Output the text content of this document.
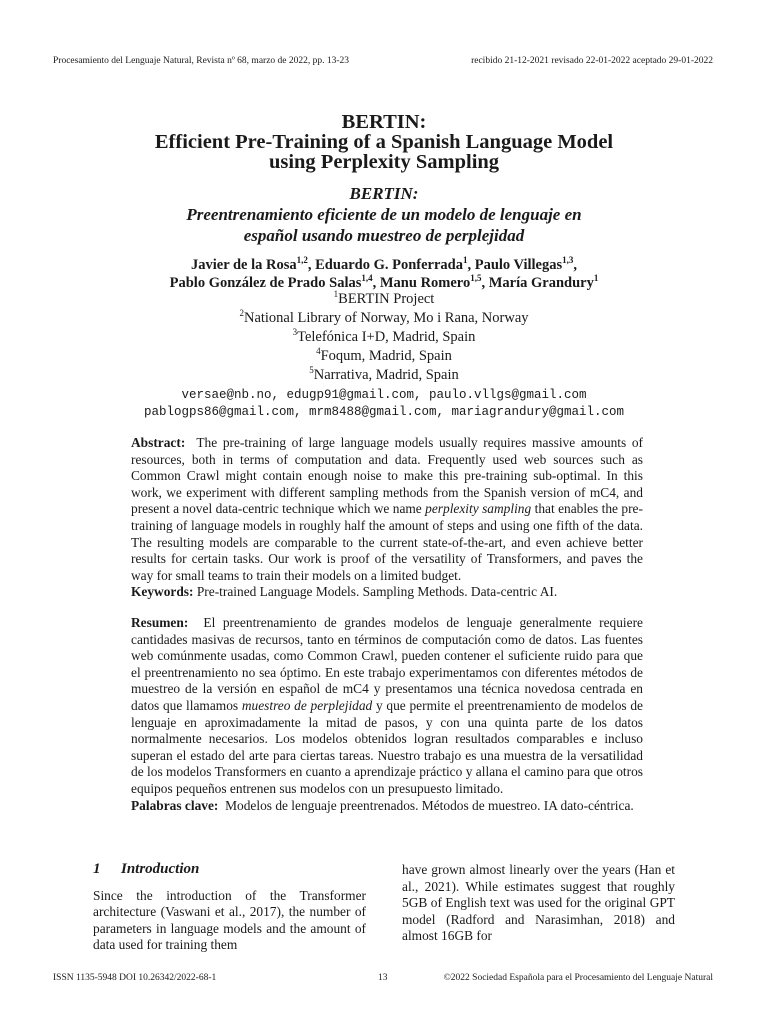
Procesamiento del Lenguaje Natural, Revista nº 68, marzo de 2022, pp. 13-23	recibido 21-12-2021 revisado 22-01-2022 aceptado 29-01-2022
BERTIN:
Efficient Pre-Training of a Spanish Language Model
using Perplexity Sampling
BERTIN:
Preentrenamiento eficiente de un modelo de lenguaje en
español usando muestreo de perplejidad
Javier de la Rosa$^{1,2}$, Eduardo G. Ponferrada$^1$, Paulo Villegas$^{1,3}$,
Pablo González de Prado Salas$^{1,4}$, Manu Romero$^{1,5}$, María Grandury$^1$
$^1$BERTIN Project
$^2$National Library of Norway, Mo i Rana, Norway
$^3$Telefónica I+D, Madrid, Spain
$^4$Foqum, Madrid, Spain
$^5$Narrativa, Madrid, Spain
versae@nb.no, edugp91@gmail.com, paulo.vllgs@gmail.com
pablogps86@gmail.com, mrm8488@gmail.com, mariagrandury@gmail.com

Abstract: The pre-training of large language models usually requires massive amounts of resources, both in terms of computation and data. Frequently used web sources such as Common Crawl might contain enough noise to make this pre-training sub-optimal. In this work, we experiment with different sampling methods from the Spanish version of mC4, and present a novel data-centric technique which we name perplexity sampling that enables the pre-training of language models in roughly half the amount of steps and using one fifth of the data. The resulting models are comparable to the current state-of-the-art, and even achieve better results for certain tasks. Our work is proof of the versatility of Transformers, and paves the way for small teams to train their models on a limited budget.

Keywords: Pre-trained Language Models. Sampling Methods. Data-centric AI.

Resumen: El preentrenamiento de grandes modelos de lenguaje generalmente requiere cantidades masivas de recursos, tanto en términos de computación como de datos. Las fuentes web comúnmente usadas, como Common Crawl, pueden contener el suficiente ruido para que el preentrenamiento no sea óptimo. En este trabajo experimentamos con diferentes métodos de muestreo de la versión en español de mC4 y presentamos una técnica novedosa centrada en datos que llamamos muestreo de perplejidad y que permite el preentrenamiento de modelos de lenguaje en aproximadamente la mitad de pasos, y con una quinta parte de los datos normalmente necesarios. Los modelos obtenidos logran resultados comparables e incluso superan el estado del arte para ciertas tareas. Nuestro trabajo es una muestra de la versatilidad de los modelos Transformers en cuanto a aprendizaje práctico y allana el camino para que otros equipos pequeños entrenen sus modelos con un presupuesto limitado.

Palabras clave: Modelos de lenguaje preentrenados. Métodos de muestreo. IA dato-céntrica.

1 Introduction

Since the introduction of the Transformer architecture (Vaswani et al., 2017), the number of parameters in language models and the amount of data used for training them

have grown almost linearly over the years (Han et al., 2021). While estimates suggest that roughly 5GB of English text was used for the original GPT model (Radford and Narasimhan, 2018) and almost 16GB for

ISSN 1135-5948 DOI 10.26342/2022-68-1	13	©2022 Sociedad Española para el Procesamiento del Lenguaje Natural
